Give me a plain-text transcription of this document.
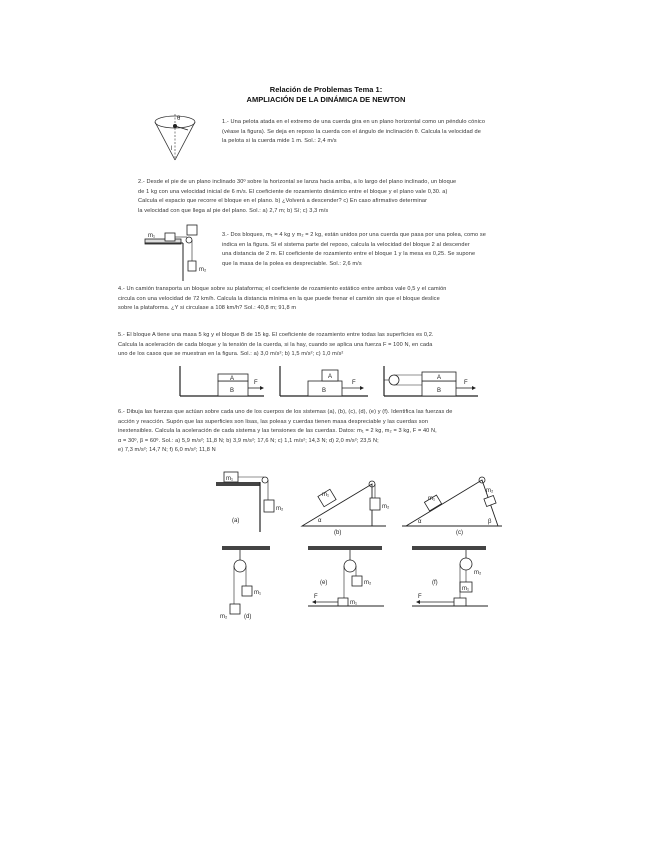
Relación de Problemas Tema 1:
AMPLIACIÓN DE LA DINÁMICA DE NEWTON
θ
l
1.- Una pelota atada en el extremo de una cuerda gira en un plano horizontal como un péndulo cónico
(véase la figura). Se deja en reposo la cuerda con el ángulo de inclinación θ. Calcula la velocidad de
la pelota si la cuerda mide 1 m. Sol.: 2,4 m/s
2.- Desde el pie de un plano inclinado 30º sobre la horizontal se lanza hacia arriba, a lo largo del plano inclinado, un bloque
de 1 kg con una velocidad inicial de 6 m/s. El coeficiente de rozamiento dinámico entre el bloque y el plano vale 0,30. a)
Calcula el espacio que recorre el bloque en el plano. b) ¿Volverá a descender? c) En caso afirmativo determinar
la velocidad con que llega al pie del plano. Sol.: a) 2,7 m; b) Sí; c) 3,3 m/s
m₁
m₂
3.- Dos bloques, m₁ = 4 kg y m₂ = 2 kg, están unidos por una cuerda que pasa por una polea, como se
indica en la figura. Si el sistema parte del reposo, calcula la velocidad del bloque 2 al descender
una distancia de 2 m. El coeficiente de rozamiento entre el bloque 1 y la mesa es 0,25. Se supone
que la masa de la polea es despreciable. Sol.: 2,6 m/s
4.- Un camión transporta un bloque sobre su plataforma; el coeficiente de rozamiento estático entre ambos vale 0,5 y el camión
circula con una velocidad de 72 km/h. Calcula la distancia mínima en la que puede frenar el camión sin que el bloque deslice
sobre la plataforma. ¿Y si circulase a 108 km/h? Sol.: 40,8 m; 91,8 m
5.- El bloque A tiene una masa 5 kg y el bloque B de 15 kg. El coeficiente de rozamiento entre todas las superficies es 0,2.
Calcula la aceleración de cada bloque y la tensión de la cuerda, si la hay, cuando se aplica una fuerza F = 100 N, en cada
uno de los casos que se muestran en la figura. Sol.: a) 3,0 m/s²; b) 1,5 m/s²; c) 1,0 m/s²
A
B
F
A
B
F
A
B
F
6.- Dibuja las fuerzas que actúan sobre cada uno de los cuerpos de los sistemas (a), (b), (c), (d), (e) y (f). Identifica las fuerzas de
acción y reacción. Supón que las superficies son lisas, las poleas y cuerdas tienen masa despreciable y las cuerdas son
inextensibles. Calcula la aceleración de cada sistema y las tensiones de las cuerdas. Datos: m₁ = 2 kg, m₂ = 3 kg, F = 40 N,
α = 30º, β = 60º. Sol.: a) 5,9 m/s²; 11,8 N; b) 3,9 m/s²; 17,6 N; c) 1,1 m/s²; 14,3 N; d) 2,0 m/s²; 23,5 N;
e) 7,3 m/s²; 14,7 N; f) 6,0 m/s²; 11,8 N
m₁
m₂
(a)
m₁
m₂
α
(b)
m₁
m₂
α	β
(c)
m₁
m₂	(d)
m₂
m₁
F
(e)
m₂
m₁
F
(f)
